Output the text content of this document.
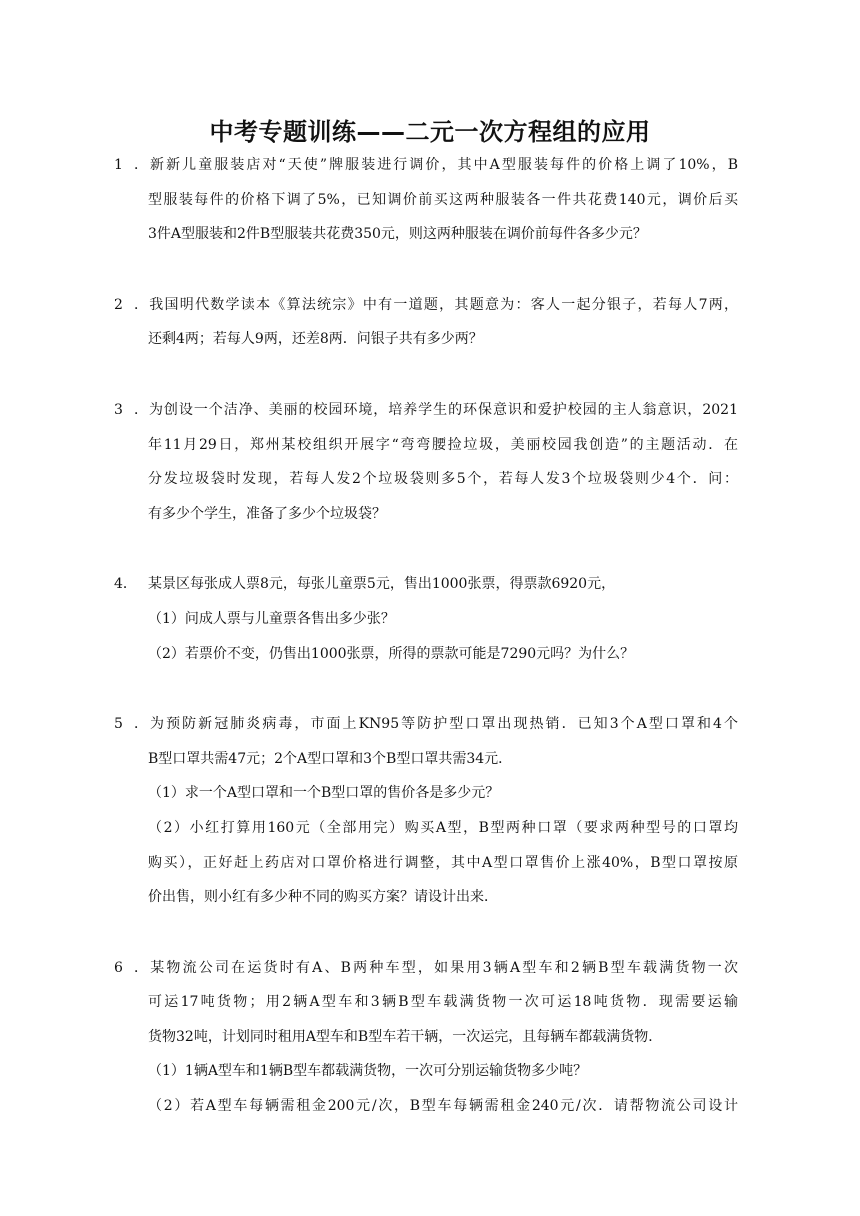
中考专题训练——二元一次方程组的应用
1．新新儿童服装店对“天使”牌服装进行调价，其中A型服装每件的价格上调了10%，B
型服装每件的价格下调了5%，已知调价前买这两种服装各一件共花费140元，调价后买
3件A型服装和2件B型服装共花费350元，则这两种服装在调价前每件各多少元？
2．我国明代数学读本《算法统宗》中有一道题，其题意为：客人一起分银子，若每人7两，
还剩4两；若每人9两，还差8两．问银子共有多少两？
3．为创设一个洁净、美丽的校园环境，培养学生的环保意识和爱护校园的主人翁意识，2021
年11月29日，郑州某校组织开展字“弯弯腰捡垃圾，美丽校园我创造”的主题活动．在
分发垃圾袋时发现，若每人发2个垃圾袋则多5个，若每人发3个垃圾袋则少4个．问：
有多少个学生，准备了多少个垃圾袋？
4． 某景区每张成人票8元，每张儿童票5元，售出1000张票，得票款6920元，
（1）问成人票与儿童票各售出多少张？
（2）若票价不变，仍售出1000张票，所得的票款可能是7290元吗？为什么？
5．为预防新冠肺炎病毒，市面上KN95等防护型口罩出现热销．已知3个A型口罩和4个
B型口罩共需47元；2个A型口罩和3个B型口罩共需34元．
（1）求一个A型口罩和一个B型口罩的售价各是多少元？
（2）小红打算用160元（全部用完）购买A型，B型两种口罩（要求两种型号的口罩均
购买），正好赶上药店对口罩价格进行调整，其中A型口罩售价上涨40%，B型口罩按原
价出售，则小红有多少种不同的购买方案？请设计出来．
6．某物流公司在运货时有A、B两种车型，如果用3辆A型车和2辆B型车载满货物一次
可运17吨货物；用2辆A型车和3辆B型车载满货物一次可运18吨货物．现需要运输
货物32吨，计划同时租用A型车和B型车若干辆，一次运完，且每辆车都载满货物．
（1）1辆A型车和1辆B型车都载满货物，一次可分别运输货物多少吨？
（2）若A型车每辆需租金200元/次，B型车每辆需租金240元/次．请帮物流公司设计
